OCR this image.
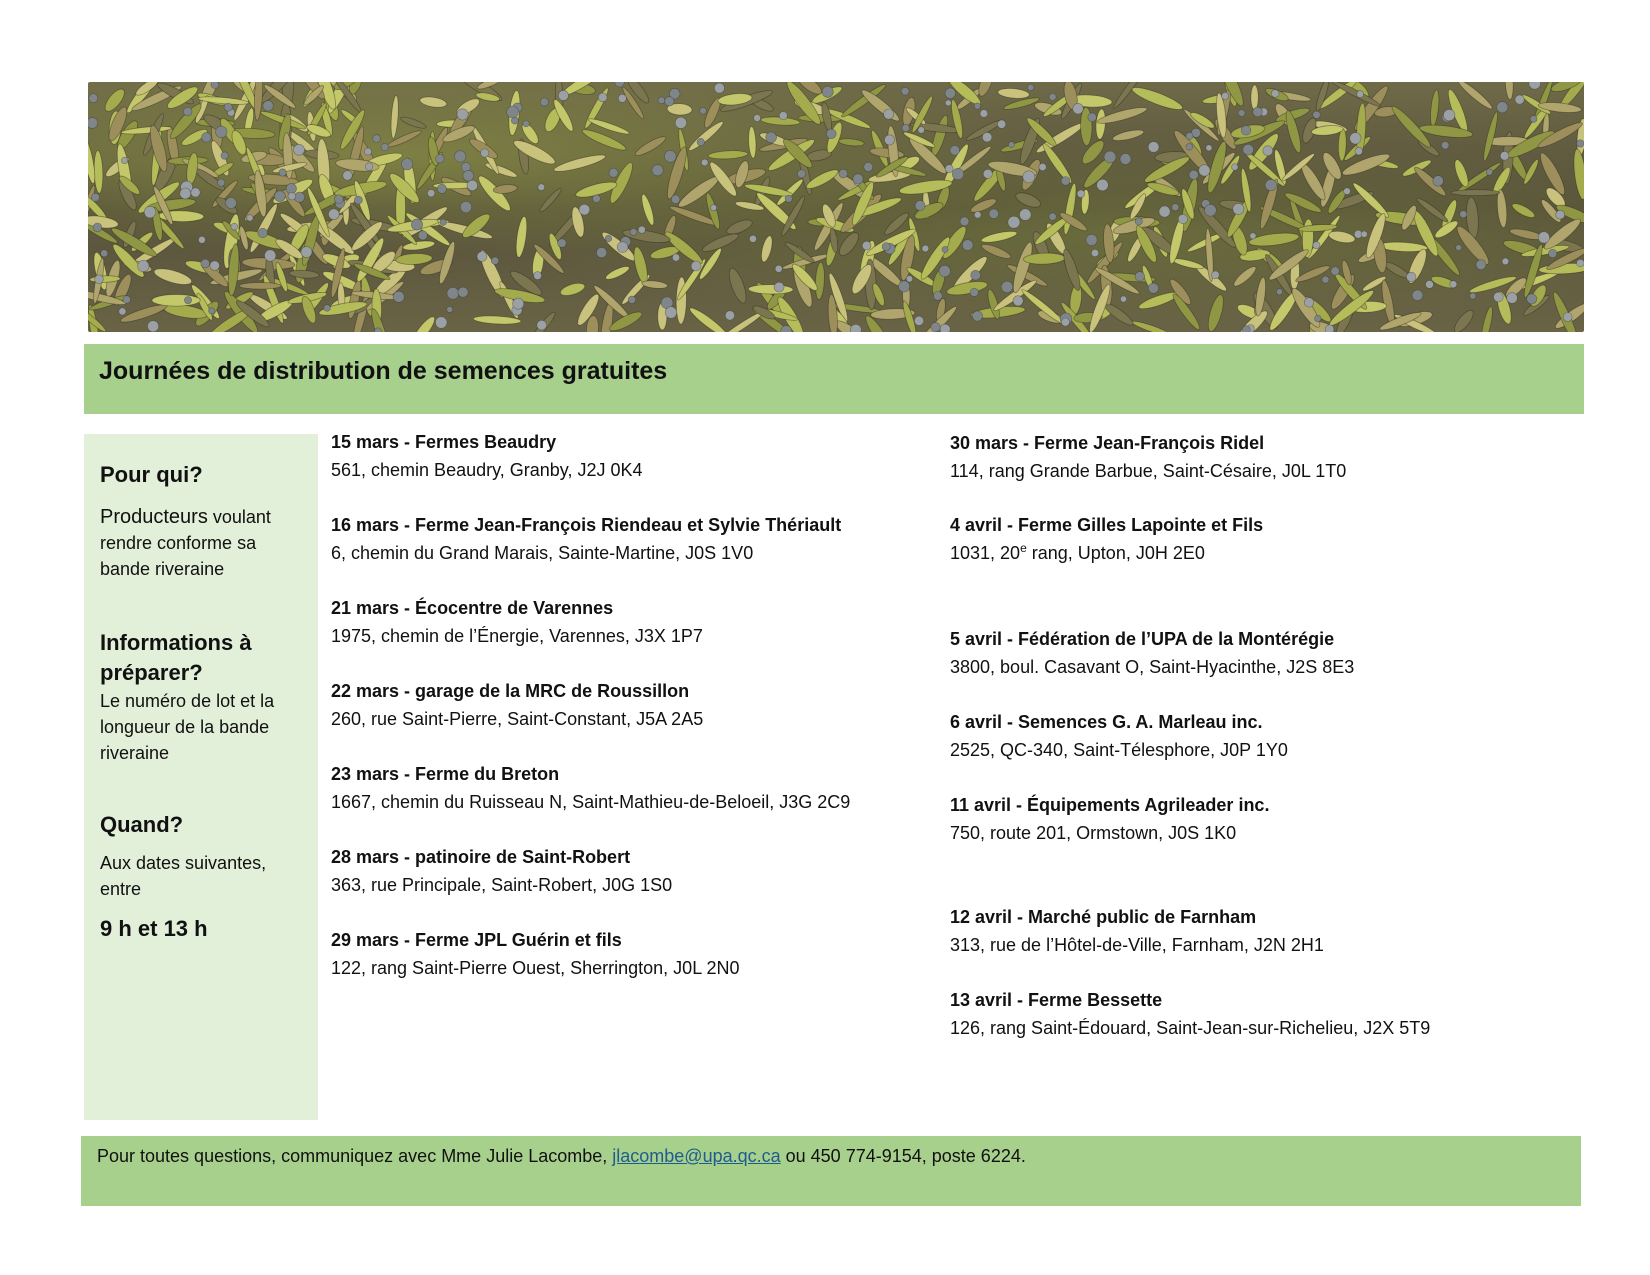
Journées de distribution de semences gratuites
Pour qui?
Producteurs voulant rendre conforme sa bande riveraine
Informations à
préparer?
Le numéro de lot et la longueur de la bande riveraine
Quand?
Aux dates suivantes, entre
9 h et 13 h
15 mars - Fermes Beaudry
561, chemin Beaudry, Granby, J2J 0K4
16 mars - Ferme Jean-François Riendeau et Sylvie Thériault
6, chemin du Grand Marais, Sainte-Martine, J0S 1V0
21 mars - Écocentre de Varennes
1975, chemin de l’Énergie, Varennes, J3X 1P7
22 mars - garage de la MRC de Roussillon
260, rue Saint-Pierre, Saint-Constant, J5A 2A5
23 mars - Ferme du Breton
1667, chemin du Ruisseau N, Saint-Mathieu-de-Beloeil, J3G 2C9
28 mars - patinoire de Saint-Robert
363, rue Principale, Saint-Robert, J0G 1S0
29 mars - Ferme JPL Guérin et fils
122, rang Saint-Pierre Ouest, Sherrington, J0L 2N0
30 mars - Ferme Jean-François Ridel
114, rang Grande Barbue, Saint-Césaire, J0L 1T0
4 avril - Ferme Gilles Lapointe et Fils
1031, 20e rang, Upton, J0H 2E0
5 avril - Fédération de l’UPA de la Montérégie
3800, boul. Casavant O, Saint-Hyacinthe, J2S 8E3
6 avril - Semences G. A. Marleau inc.
2525, QC-340, Saint-Télesphore, J0P 1Y0
11 avril - Équipements Agrileader inc.
750, route 201, Ormstown, J0S 1K0
12 avril - Marché public de Farnham
313, rue de l’Hôtel-de-Ville, Farnham, J2N 2H1
13 avril - Ferme Bessette
126, rang Saint-Édouard, Saint-Jean-sur-Richelieu, J2X 5T9
Pour toutes questions, communiquez avec Mme Julie Lacombe, jlacombe@upa.qc.ca ou 450 774-9154, poste 6224.
